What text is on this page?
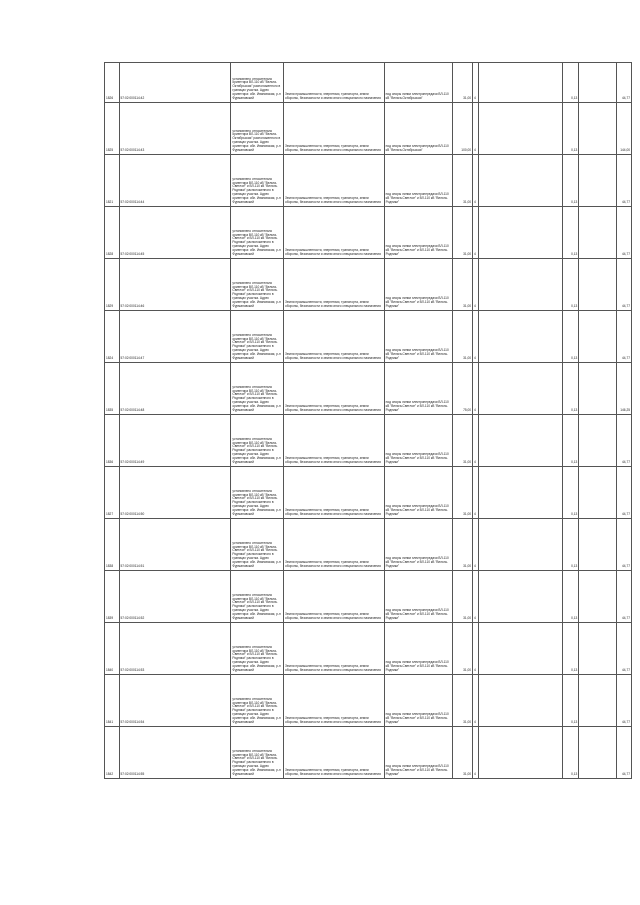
1826	57:02:000114:42	установлено относительно ориентира ВЛ-110 кВ "Вельта-Октябрьская" расположенного в границах участка. Адрес ориентира: обл. Ивановская, р-н Фурмановский	Земли промышленности, энергетики, транспорта, земли обороны, безопасности и земли иного специального назначения	под опоры линии электропередачи ВЛ-110 кВ "Вельта-Октябрьская"	31,00	4		0,13		44,77
1825	57:02:000114:43	установлено относительно ориентира ВЛ-110 кВ "Вельта-Октябрьская" расположенного в границах участка. Адрес ориентира: обл. Ивановская, р-н Фурмановский	Земли промышленности, энергетики, транспорта, земли обороны, безопасности и земли иного специального назначения	под опоры линии электропередачи ВЛ-110 кВ "Вельта-Октябрьская"	100,00	4		0,13		144,00
1821	57:02:000114:44	установлено относительно ориентира ВЛ-110 кВ "Вельта-Светлое" и ВЛ-110 кВ "Вельта-Родники" расположенного в границах участка. Адрес ориентира: обл. Ивановская, р-н Фурмановский	Земли промышленности, энергетики, транспорта, земли обороны, безопасности и земли иного специального назначения	под опоры линии электропередачи ВЛ-110 кВ "Вельта-Светлое" и ВЛ-110 кВ "Вельта-Родники"	31,00	4		0,13		44,77
1828	57:02:000114:45	установлено относительно ориентира ВЛ-110 кВ "Вельта-Светлое" и ВЛ-110 кВ "Вельта-Родники" расположенного в границах участка. Адрес ориентира: обл. Ивановская, р-н Фурмановский	Земли промышленности, энергетики, транспорта, земли обороны, безопасности и земли иного специального назначения	под опоры линии электропередачи ВЛ-110 кВ "Вельта-Светлое" и ВЛ-110 кВ "Вельта-Родники"	31,00	4		0,13		44,77
1829	57:02:000114:46	установлено относительно ориентира ВЛ-110 кВ "Вельта-Светлое" и ВЛ-110 кВ "Вельта-Родники" расположенного в границах участка. Адрес ориентира: обл. Ивановская, р-н Фурмановский	Земли промышленности, энергетики, транспорта, земли обороны, безопасности и земли иного специального назначения	под опоры линии электропередачи ВЛ-110 кВ "Вельта-Светлое" и ВЛ-110 кВ "Вельта-Родники"	31,00	4		0,13		44,77
1824	57:02:000114:47	установлено относительно ориентира ВЛ-110 кВ "Вельта-Светлое" и ВЛ-110 кВ "Вельта-Родники" расположенного в границах участка. Адрес ориентира: обл. Ивановская, р-н Фурмановский	Земли промышленности, энергетики, транспорта, земли обороны, безопасности и земли иного специального назначения	под опоры линии электропередачи ВЛ-110 кВ "Вельта-Светлое" и ВЛ-110 кВ "Вельта-Родники"	31,00	4		0,13		44,77
1835	57:02:000114:48	установлено относительно ориентира ВЛ-110 кВ "Вельта-Светлое" и ВЛ-110 кВ "Вельта-Родники" расположенного в границах участка. Адрес ориентира: обл. Ивановская, р-н Фурмановский	Земли промышленности, энергетики, транспорта, земли обороны, безопасности и земли иного специального назначения	под опоры линии электропередачи ВЛ-110 кВ "Вельта-Светлое" и ВЛ-110 кВ "Вельта-Родники"	75,00	4		0,13		146,25
1836	57:02:000114:49	установлено относительно ориентира ВЛ-110 кВ "Вельта-Светлое" и ВЛ-110 кВ "Вельта-Родники" расположенного в границах участка. Адрес ориентира: обл. Ивановская, р-н Фурмановский	Земли промышленности, энергетики, транспорта, земли обороны, безопасности и земли иного специального назначения	под опоры линии электропередачи ВЛ-110 кВ "Вельта-Светлое" и ВЛ-110 кВ "Вельта-Родники"	31,00	4		0,13		44,77
1827	57:02:000114:50	установлено относительно ориентира ВЛ-110 кВ "Вельта-Светлое" и ВЛ-110 кВ "Вельта-Родники" расположенного в границах участка. Адрес ориентира: обл. Ивановская, р-н Фурмановский	Земли промышленности, энергетики, транспорта, земли обороны, безопасности и земли иного специального назначения	под опоры линии электропередачи ВЛ-110 кВ "Вельта-Светлое" и ВЛ-110 кВ "Вельта-Родники"	31,00	4		0,13		44,77
1838	57:02:000114:51	установлено относительно ориентира ВЛ-110 кВ "Вельта-Светлое" и ВЛ-110 кВ "Вельта-Родники" расположенного в границах участка. Адрес ориентира: обл. Ивановская, р-н Фурмановский	Земли промышленности, энергетики, транспорта, земли обороны, безопасности и земли иного специального назначения	под опоры линии электропередачи ВЛ-110 кВ "Вельта-Светлое" и ВЛ-110 кВ "Вельта-Родники"	31,00	4		0,13		44,77
1839	57:02:000114:52	установлено относительно ориентира ВЛ-110 кВ "Вельта-Светлое" и ВЛ-110 кВ "Вельта-Родники" расположенного в границах участка. Адрес ориентира: обл. Ивановская, р-н Фурмановский	Земли промышленности, энергетики, транспорта, земли обороны, безопасности и земли иного специального назначения	под опоры линии электропередачи ВЛ-110 кВ "Вельта-Светлое" и ВЛ-110 кВ "Вельта-Родники"	31,00	4		0,13		44,77
1840	57:02:000114:53	установлено относительно ориентира ВЛ-110 кВ "Вельта-Светлое" и ВЛ-110 кВ "Вельта-Родники" расположенного в границах участка. Адрес ориентира: обл. Ивановская, р-н Фурмановский	Земли промышленности, энергетики, транспорта, земли обороны, безопасности и земли иного специального назначения	под опоры линии электропередачи ВЛ-110 кВ "Вельта-Светлое" и ВЛ-110 кВ "Вельта-Родники"	31,00	4		0,13		44,77
1841	57:02:000114:54	установлено относительно ориентира ВЛ-110 кВ "Вельта-Светлое" и ВЛ-110 кВ "Вельта-Родники" расположенного в границах участка. Адрес ориентира: обл. Ивановская, р-н Фурмановский	Земли промышленности, энергетики, транспорта, земли обороны, безопасности и земли иного специального назначения	под опоры линии электропередачи ВЛ-110 кВ "Вельта-Светлое" и ВЛ-110 кВ "Вельта-Родники"	31,00	4		0,13		44,77
1842	57:02:000114:55	установлено относительно ориентира ВЛ-110 кВ "Вельта-Светлое" и ВЛ-110 кВ "Вельта-Родники" расположенного в границах участка. Адрес ориентира: обл. Ивановская, р-н Фурмановский	Земли промышленности, энергетики, транспорта, земли обороны, безопасности и земли иного специального назначения	под опоры линии электропередачи ВЛ-110 кВ "Вельта-Светлое" и ВЛ-110 кВ "Вельта-Родники"	31,00	4		0,13		44,77
